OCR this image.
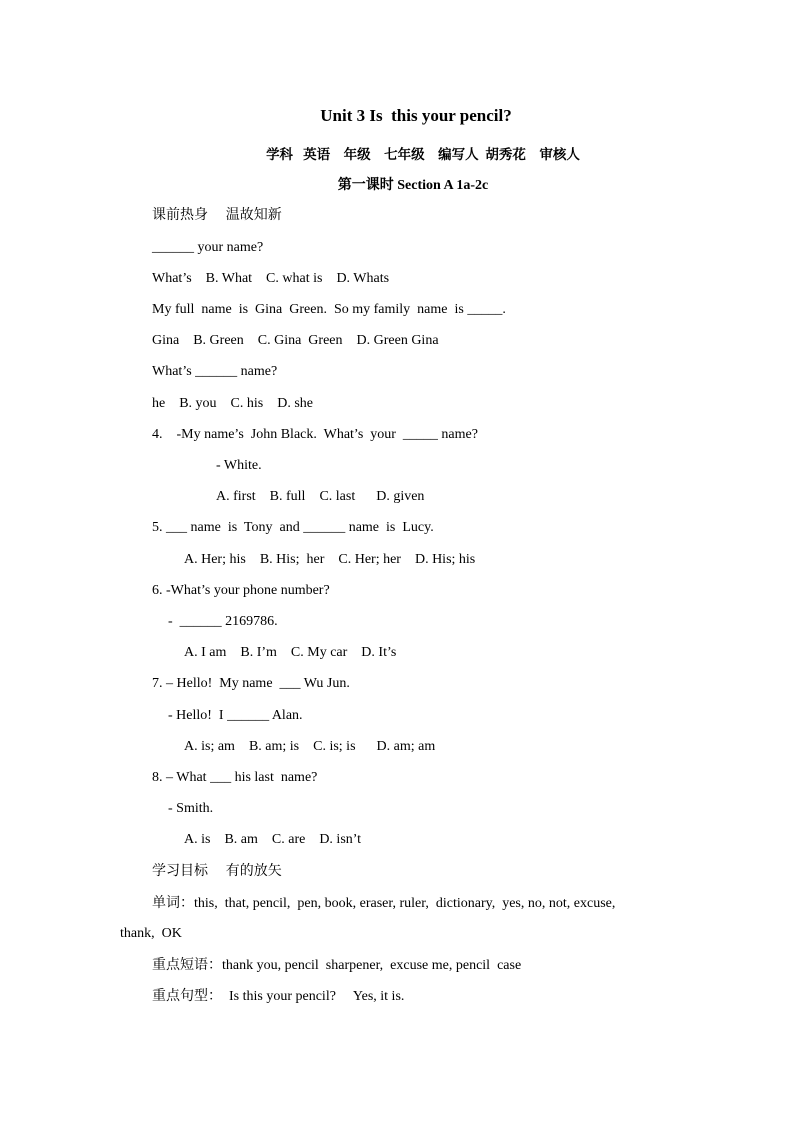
Unit 3 Is  this your pencil?
学科   英语    年级    七年级    编写人  胡秀花    审核人
第一课时 Section A 1a-2c
课前热身    温故知新
______ your name?
What’s    B. What    C. what is    D. Whats
My full  name  is  Gina  Green.  So my family  name  is _____.
Gina    B. Green    C. Gina  Green    D. Green Gina
What’s ______ name?
he    B. you    C. his    D. she
4.    -My name’s  John Black.  What’s  your  _____ name?
- White.
A. first    B. full    C. last      D. given
5. ___ name  is  Tony  and ______ name  is  Lucy.
A. Her; his    B. His;  her    C. Her; her    D. His; his
6. -What’s your phone number?
-  ______ 2169786.
A. I am    B. I’m    C. My car    D. It’s
7. – Hello!  My name  ___ Wu Jun.
- Hello!  I ______ Alan.
A. is; am    B. am; is    C. is; is      D. am; am
8. – What ___ his last  name?
- Smith.
A. is    B. am    C. are    D. isn’t
学习目标    有的放矢
单词：this,  that, pencil,  pen, book, eraser, ruler,  dictionary,  yes, no, not, excuse,
thank,  OK
重点短语：thank you, pencil  sharpener,  excuse me, pencil  case
重点句型：  Is this your pencil?     Yes, it is.
